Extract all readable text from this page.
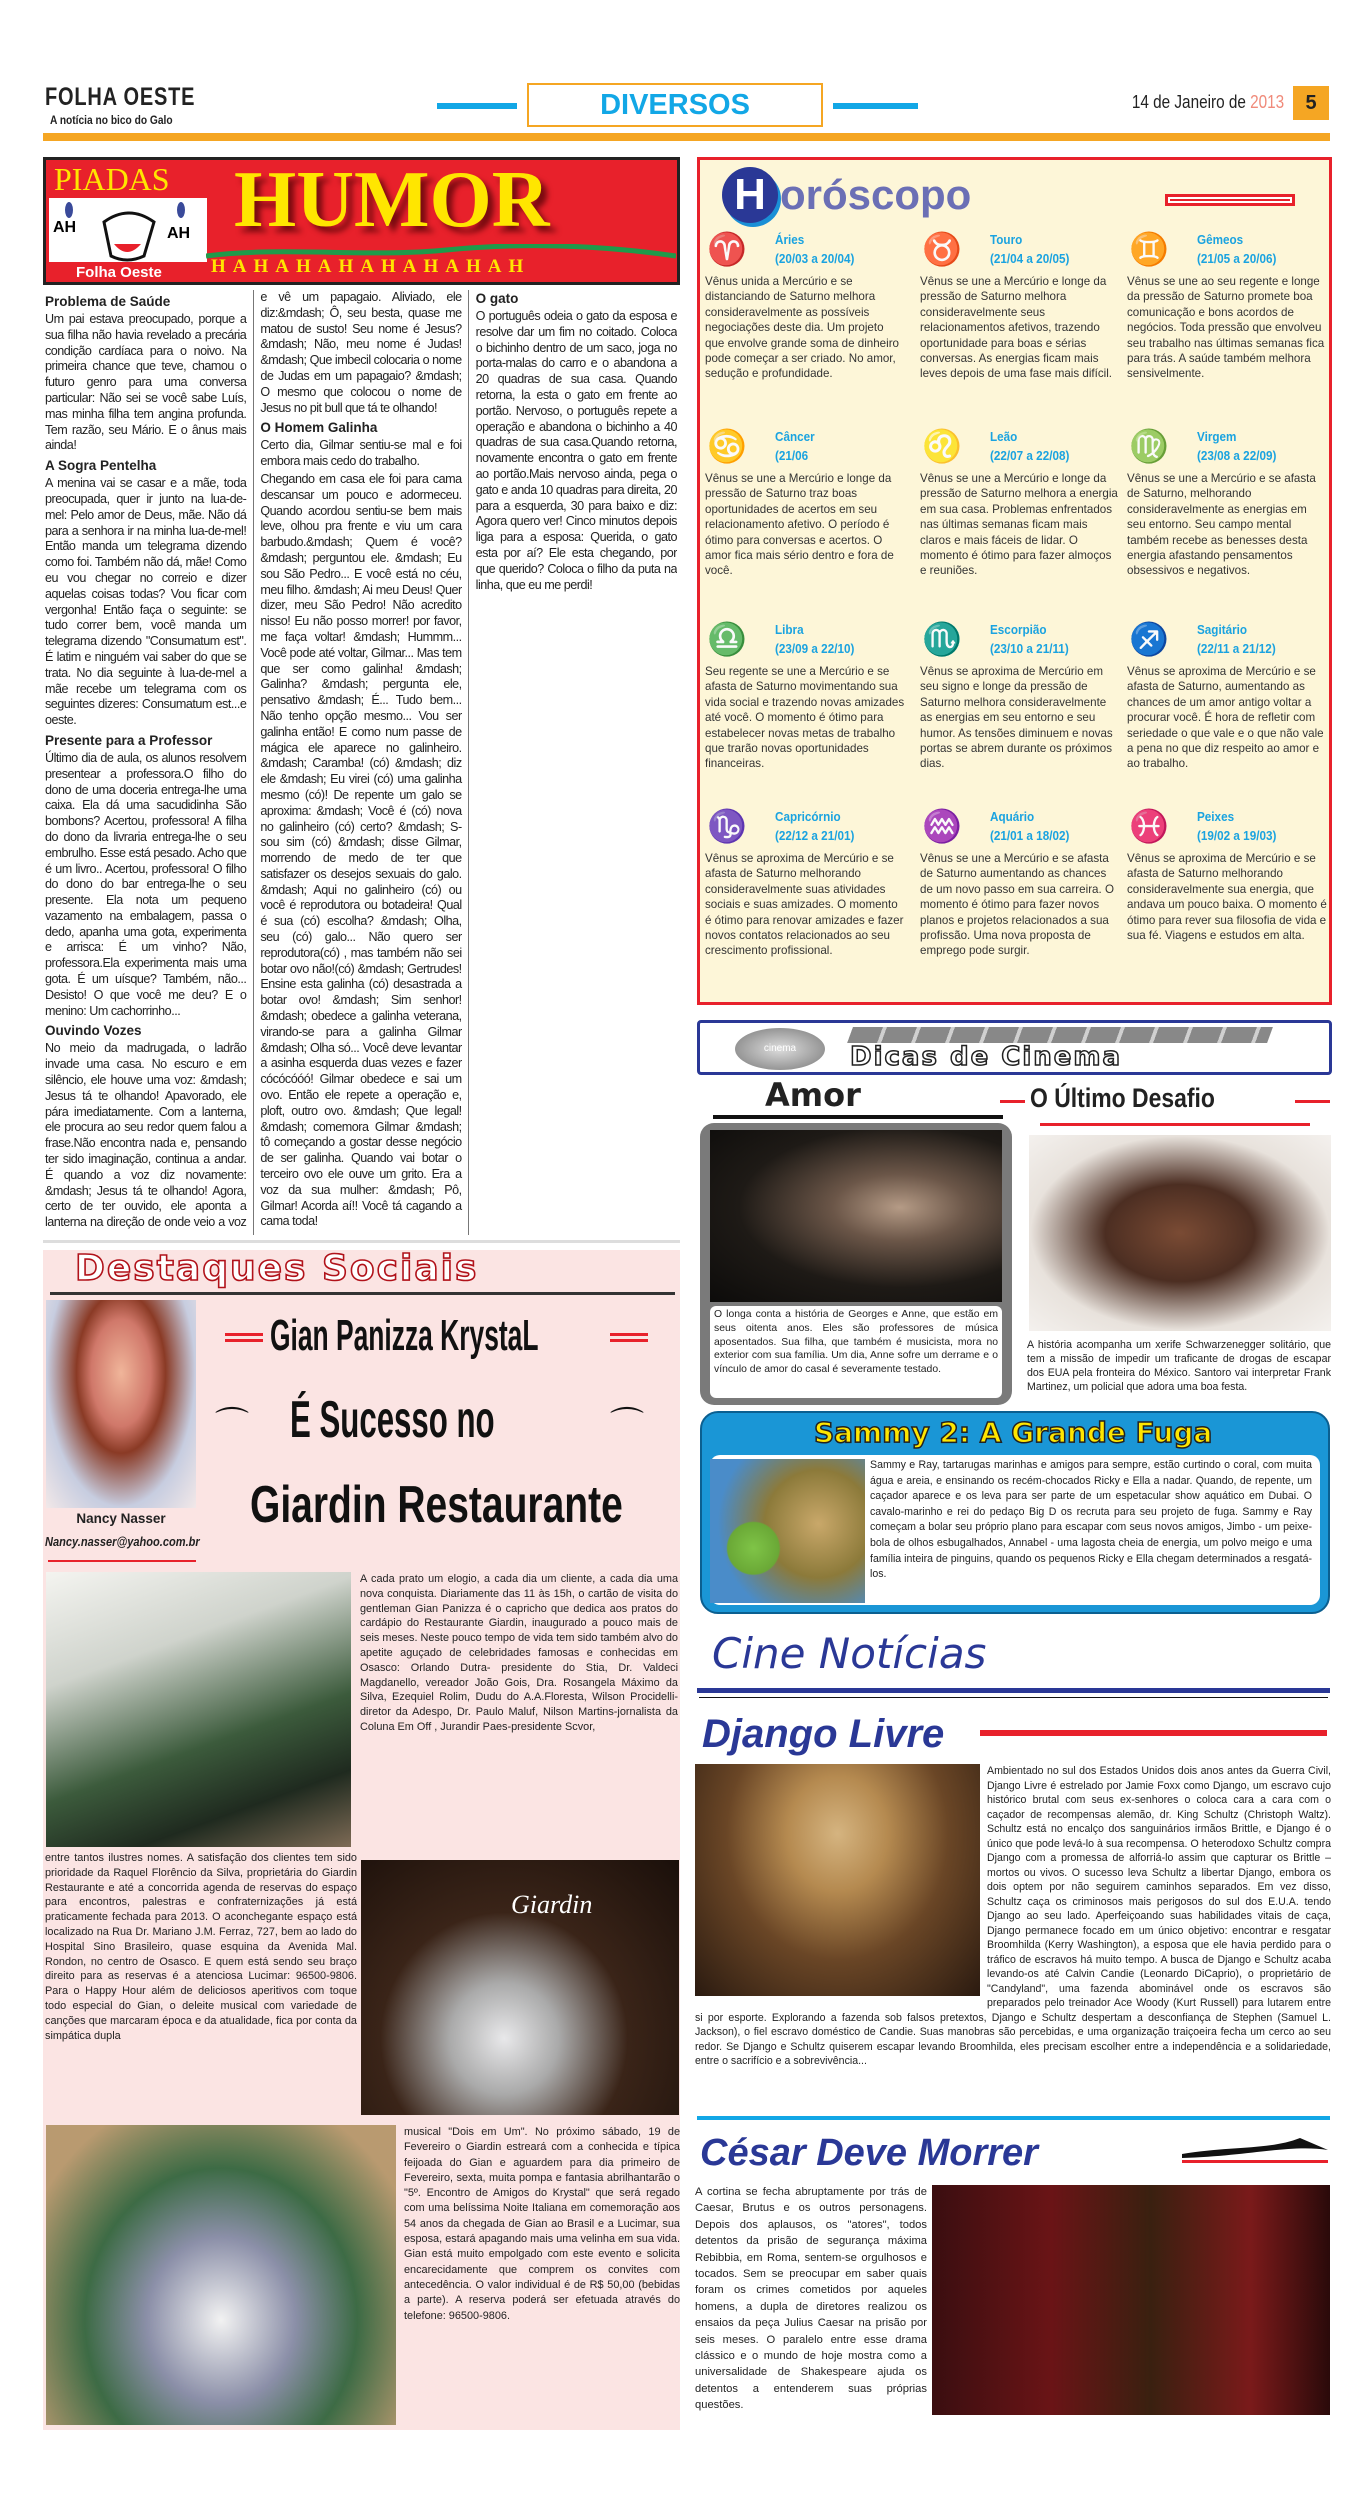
FOLHA OESTE
A notícia no bico do Galo	DIVERSOS	14 de Janeiro de 2013	5
PIADAS
AH	AH
Folha Oeste
HUMOR
HAHAHAHAHAHAHAH
Problema de Saúde

Um pai estava preocupado, porque a sua filha não havia revelado a precária condição cardíaca para o noivo. Na primeira chance que teve, chamou o futuro genro para uma conversa particular: Não sei se você sabe Luís, mas minha filha tem angina profunda. Tem razão, seu Mário. E o ânus mais ainda!

A Sogra Pentelha

A menina vai se casar e a mãe, toda preocupada, quer ir junto na lua-de-mel: Pelo amor de Deus, mãe. Não dá para a senhora ir na minha lua-de-mel! Então manda um telegrama dizendo como foi. Também não dá, mãe! Como eu vou chegar no correio e dizer aquelas coisas todas? Vou ficar com vergonha! Então faça o seguinte: se tudo correr bem, você manda um telegrama dizendo "Consumatum est". É latim e ninguém vai saber do que se trata. No dia seguinte à lua-de-mel a mãe recebe um telegrama com os seguintes dizeres: Consumatum est...e oeste.

Presente para a Professor

Último dia de aula, os alunos resolvem presentear a professora.O filho do dono de uma doceria entrega-lhe uma caixa. Ela dá uma sacudidinha São bombons? Acertou, professora! A filha do dono da livraria entrega-lhe o seu embrulho. Esse está pesado. Acho que é um livro.. Acertou, professora! O filho do dono do bar entrega-lhe o seu presente. Ela nota um pequeno vazamento na embalagem, passa o dedo, apanha uma gota, experimenta e arrisca: É um vinho? Não, professora.Ela experimenta mais uma gota. É um uísque? Também, não... Desisto! O que você me deu? E o menino: Um cachorrinho...

Ouvindo Vozes

No meio da madrugada, o ladrão invade uma casa. No escuro e em silêncio, ele houve uma voz: &mdash; Jesus tá te olhando! Apavorado, ele pára imediatamente. Com a lanterna, ele procura ao seu redor quem falou a frase.Não encontra nada e, pensando ter sido imaginação, continua a andar. É quando a voz diz novamente: &mdash; Jesus tá te olhando! Agora, certo de ter ouvido, ele aponta a lanterna na direção de onde veio a voz e vê um papagaio. Aliviado, ele diz:&mdash; Ô, seu besta, quase me matou de susto! Seu nome é Jesus? &mdash; Não, meu nome é Judas! &mdash; Que imbecil colocaria o nome de Judas em um papagaio? &mdash; O mesmo que colocou o nome de Jesus no pit bull que tá te olhando!

O Homem Galinha

Certo dia, Gilmar sentiu-se mal e foi embora mais cedo do trabalho.

Chegando em casa ele foi para cama descansar um pouco e adormeceu. Quando acordou sentiu-se bem mais leve, olhou pra frente e viu um cara barbudo.&mdash; Quem é você? &mdash; perguntou ele. &mdash; Eu sou São Pedro... E você está no céu, meu filho. &mdash; Ai meu Deus! Quer dizer, meu São Pedro! Não acredito nisso! Eu não posso morrer! por favor, me faça voltar! &mdash; Hummm... Você pode até voltar, Gilmar... Mas tem que ser como galinha! &mdash; Galinha? &mdash; pergunta ele, pensativo &mdash; É... Tudo bem... Não tenho opção mesmo... Vou ser galinha então! E como num passe de mágica ele aparece no galinheiro. &mdash; Caramba! (có) &mdash; diz ele &mdash; Eu virei (có) uma galinha mesmo (có)! De repente um galo se aproxima: &mdash; Você é (có) nova no galinheiro (có) certo? &mdash; S-sou sim (có) &mdash; disse Gilmar, morrendo de medo de ter que satisfazer os desejos sexuais do galo. &mdash; Aqui no galinheiro (có) ou você é reprodutora ou botadeira! Qual é sua (có) escolha? &mdash; Olha, seu (có) galo... Não quero ser reprodutora(có) , mas também não sei botar ovo não!(có) &mdash; Gertrudes! Ensine esta galinha (có) desastrada a botar ovo! &mdash; Sim senhor! &mdash; obedece a galinha veterana, virando-se para a galinha Gilmar &mdash; Olha só... Você deve levantar a asinha esquerda duas vezes e fazer cócócóóó! Gilmar obedece e sai um ovo. Então ele repete a operação e, ploft, outro ovo. &mdash; Que legal! &mdash; comemora Gilmar &mdash; tô começando a gostar desse negócio de ser galinha. Quando vai botar o terceiro ovo ele ouve um grito. Era a voz da sua mulher: &mdash; Pô, Gilmar! Acorda aí!! Você tá cagando a cama toda!

O gato

O português odeia o gato da esposa e resolve dar um fim no coitado. Coloca o bichinho dentro de um saco, joga no porta-malas do carro e o abandona a 20 quadras de sua casa. Quando retorna, la esta o gato em frente ao portão. Nervoso, o português repete a operação e abandona o bichinho a 40 quadras de sua casa.Quando retorna, novamente encontra o gato em frente ao portão.Mais nervoso ainda, pega o gato e anda 10 quadras para direita, 20 para a esquerda, 30 para baixo e diz: Agora quero ver! Cinco minutos depois liga para a esposa: Querida, o gato esta por aí? Ele esta chegando, por que querido? Coloca o filho da puta na linha, que eu me perdi!

H oróscopo
♈ Áries
(20/03 a 20/04)
Vênus unida a Mercúrio e se distanciando de Saturno melhora consideravelmente as possíveis negociações deste dia. Um projeto que envolve grande soma de dinheiro pode começar a ser criado. No amor, sedução e profundidade.
♉ Touro
(21/04 a 20/05)
Vênus se une a Mercúrio e longe da pressão de Saturno melhora consideravelmente seus relacionamentos afetivos, trazendo oportunidade para boas e sérias conversas. As energias ficam mais leves depois de uma fase mais difícil.
♊ Gêmeos
(21/05 a 20/06)
Vênus se une ao seu regente e longe da pressão de Saturno promete boa comunicação e bons acordos de negócios. Toda pressão que envolveu seu trabalho nas últimas semanas fica para trás. A saúde também melhora sensivelmente.
♋ Câncer
(21/06
Vênus se une a Mercúrio e longe da pressão de Saturno traz boas oportunidades de acertos em seu relacionamento afetivo. O período é ótimo para conversas e acertos. O amor fica mais sério dentro e fora de você.
♌ Leão
(22/07 a 22/08)
Vênus se une a Mercúrio e longe da pressão de Saturno melhora a energia em sua casa. Problemas enfrentados nas últimas semanas ficam mais claros e mais fáceis de lidar. O momento é ótimo para fazer almoços e reuniões.
♍ Virgem
(23/08 a 22/09)
Vênus se une a Mercúrio e se afasta de Saturno, melhorando consideravelmente as energias em seu entorno. Seu campo mental também recebe as benesses desta energia afastando pensamentos obsessivos e negativos.
♎ Libra
(23/09 a 22/10)
Seu regente se une a Mercúrio e se afasta de Saturno movimentando sua vida social e trazendo novas amizades até você. O momento é ótimo para estabelecer novas metas de trabalho que trarão novas oportunidades financeiras.
♏ Escorpião
(23/10 a 21/11)
Vênus se aproxima de Mercúrio em seu signo e longe da pressão de Saturno melhora consideravelmente as energias em seu entorno e seu humor. As tensões diminuem e novas portas se abrem durante os próximos dias.
♐ Sagitário
(22/11 a 21/12)
Vênus se aproxima de Mercúrio e se afasta de Saturno, aumentando as chances de um amor antigo voltar a procurar você. É hora de refletir com seriedade o que vale e o que não vale a pena no que diz respeito ao amor e ao trabalho.
♑ Capricórnio
(22/12 a 21/01)
Vênus se aproxima de Mercúrio e se afasta de Saturno melhorando consideravelmente suas atividades sociais e suas amizades. O momento é ótimo para renovar amizades e fazer novos contatos relacionados ao seu crescimento profissional.
♒ Aquário
(21/01 a 18/02)
Vênus se une a Mercúrio e se afasta de Saturno aumentando as chances de um novo passo em sua carreira. O momento é ótimo para fazer novos planos e projetos relacionados a sua profissão. Uma nova proposta de emprego pode surgir.
♓ Peixes
(19/02 a 19/03)
Vênus se aproxima de Mercúrio e se afasta de Saturno melhorando consideravelmente sua energia, que andava um pouco baixa. O momento é ótimo para rever sua filosofia de vida e sua fé. Viagens e estudos em alta.
cinema	Dicas de Cinema
Amor	O Último Desafio
O longa conta a história de Georges e Anne, que estão em seus oitenta anos. Eles são professores de música aposentados. Sua filha, que também é musicista, mora no exterior com sua família. Um dia, Anne sofre um derrame e o vínculo de amor do casal é severamente testado.
A história acompanha um xerife Schwarzenegger solitário, que tem a missão de impedir um traficante de drogas de escapar dos EUA pela fronteira do México. Santoro vai interpretar Frank Martinez, um policial que adora uma boa festa.
Sammy 2: A Grande Fuga
Sammy e Ray, tartarugas marinhas e amigos para sempre, estão curtindo o coral, com muita água e areia, e ensinando os recém-chocados Ricky e Ella a nadar. Quando, de repente, um caçador aparece e os leva para ser parte de um espetacular show aquático em Dubai. O cavalo-marinho e rei do pedaço Big D os recruta para seu projeto de fuga. Sammy e Ray começam a bolar seu próprio plano para escapar com seus novos amigos, Jimbo - um peixe-bola de olhos esbugalhados, Annabel - uma lagosta cheia de energia, um polvo meigo e uma família inteira de pinguins, quando os pequenos Ricky e Ella chegam determinados a resgatá-los.
Cine Notícias
Django Livre
Ambientado no sul dos Estados Unidos dois anos antes da Guerra Civil, Django Livre é estrelado por Jamie Foxx como Django, um escravo cujo histórico brutal com seus ex-senhores o coloca cara a cara com o caçador de recompensas alemão, dr. King Schultz (Christoph Waltz). Schultz está no encalço dos sanguinários irmãos Brittle, e Django é o único que pode levá-lo à sua recompensa. O heterodoxo Schultz compra Django com a promessa de alforriá-lo assim que capturar os Brittle – mortos ou vivos. O sucesso leva Schultz a libertar Django, embora os dois optem por não seguirem caminhos separados. Em vez disso, Schultz caça os criminosos mais perigosos do sul dos E.U.A. tendo Django ao seu lado. Aperfeiçoando suas habilidades vitais de caça, Django permanece focado em um único objetivo: encontrar e resgatar Broomhilda (Kerry Washington), a esposa que ele havia perdido para o tráfico de escravos há muito tempo. A busca de Django e Schultz acaba levando-os até Calvin Candie (Leonardo DiCaprio), o proprietário de "Candyland", uma fazenda abominável onde os escravos são preparados pelo treinador Ace Woody (Kurt Russell) para lutarem entre si por esporte. Explorando a fazenda sob falsos pretextos, Django e Schultz despertam a desconfiança de Stephen (Samuel L. Jackson), o fiel escravo doméstico de Candie. Suas manobras são percebidas, e uma organização traiçoeira fecha um cerco ao seu redor. Se Django e Schultz quiserem escapar levando Broomhilda, eles precisam escolher entre a independência e a solidariedade, entre o sacrifício e a sobrevivência...
César Deve Morrer
A cortina se fecha abruptamente por trás de Caesar, Brutus e os outros personagens. Depois dos aplausos, os "atores", todos detentos da prisão de segurança máxima Rebibbia, em Roma, sentem-se orgulhosos e tocados. Sem se preocupar em saber quais foram os crimes cometidos por aqueles homens, a dupla de diretores realizou os ensaios da peça Julius Caesar na prisão por seis meses. O paralelo entre esse drama clássico e o mundo de hoje mostra como a universalidade de Shakespeare ajuda os detentos a entenderem suas próprias questões.
Destaques Sociais
Nancy Nasser
Nancy.nasser@yahoo.com.br
Gian Panizza KrystaL
⌒ É Sucesso no	⌒
Giardin Restaurante
A cada prato um elogio, a cada dia um cliente, a cada dia uma nova conquista. Diariamente das 11 às 15h, o cartão de visita do gentleman Gian Panizza é o capricho que dedica aos pratos do cardápio do Restaurante Giardin, inaugurado a pouco mais de seis meses. Neste pouco tempo de vida tem sido também alvo do apetite aguçado de celebridades famosas e conhecidas em Osasco: Orlando Dutra- presidente do Stia, Dr. Valdeci Magdanello, vereador João Gois, Dra. Rosangela Máximo da Silva, Ezequiel Rolim, Dudu do A.A.Floresta, Wilson Procidelli- diretor da Adespo, Dr. Paulo Maluf, Nilson Martins-jornalista da Coluna Em Off , Jurandir Paes-presidente Scvor,
entre tantos ilustres nomes. A satisfação dos clientes tem sido prioridade da Raquel Florêncio da Silva, proprietária do Giardin Restaurante e até a concorrida agenda de reservas do espaço para encontros, palestras e confraternizações já está praticamente fechada para 2013. O aconchegante espaço está localizado na Rua Dr. Mariano J.M. Ferraz, 727, bem ao lado do Hospital Sino Brasileiro, quase esquina da Avenida Mal. Rondon, no centro de Osasco. E quem está sendo seu braço direito para as reservas é a atenciosa Lucimar: 96500-9806. Para o Happy Hour além de deliciosos aperitivos com toque todo especial do Gian, o deleite musical com variedade de canções que marcaram época e da atualidade, fica por conta da simpática dupla
Giardin
musical "Dois em Um". No próximo sábado, 19 de Fevereiro o Giardin estreará com a conhecida e típica feijoada do Gian e aguardem para dia primeiro de Fevereiro, sexta, muita pompa e fantasia abrilhantarão o "5º. Encontro de Amigos do Krystal" que será regado com uma belíssima Noite Italiana em comemoração aos 54 anos da chegada de Gian ao Brasil e a Lucimar, sua esposa, estará apagando mais uma velinha em sua vida. Gian está muito empolgado com este evento e solicita encarecidamente que comprem os convites com antecedência. O valor individual é de R$ 50,00 (bebidas a parte). A reserva poderá ser efetuada através do telefone: 96500-9806.
